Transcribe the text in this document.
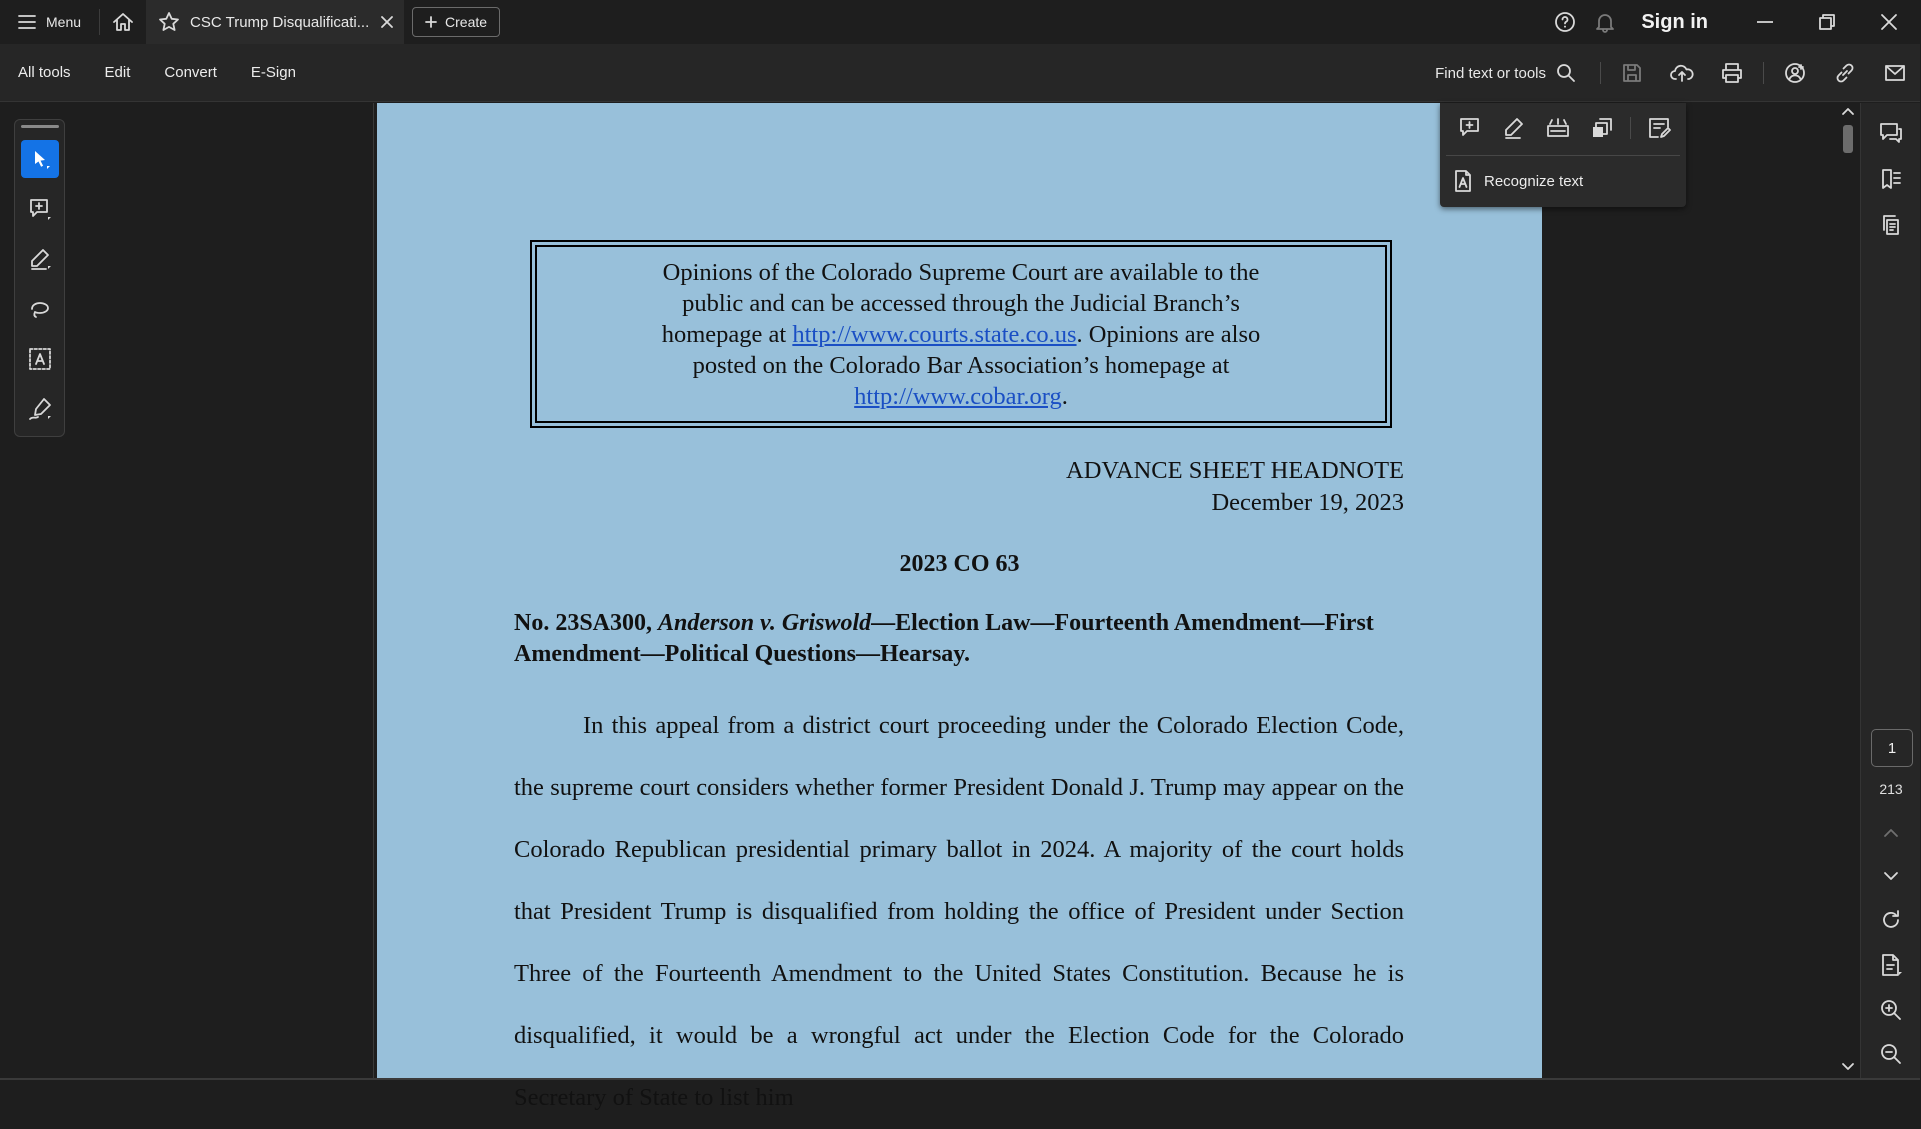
Menu	CSC Trump Disqualificati...	Create	Sign in
All tools Edit Convert E-Sign	Find text or tools
Opinions of the Colorado Supreme Court are available to the
public and can be accessed through the Judicial Branch’s
homepage at http://www.courts.state.co.us. Opinions are also
posted on the Colorado Bar Association’s homepage at
http://www.cobar.org.
ADVANCE SHEET HEADNOTE
December 19, 2023
2023 CO 63
No. 23SA300, Anderson v. Griswold—Election Law—Fourteenth Amendment—First Amendment—Political Questions—Hearsay.
In this appeal from a district court proceeding under the Colorado Election Code, the supreme court considers whether former President Donald J. Trump may appear on the Colorado Republican presidential primary ballot in 2024. A majority of the court holds that President Trump is disqualified from holding the office of President under Section Three of the Fourteenth Amendment to the United States Constitution. Because he is disqualified, it would be a wrongful act under the Election Code for the Colorado Secretary of State to list him
Recognize text
1
213
